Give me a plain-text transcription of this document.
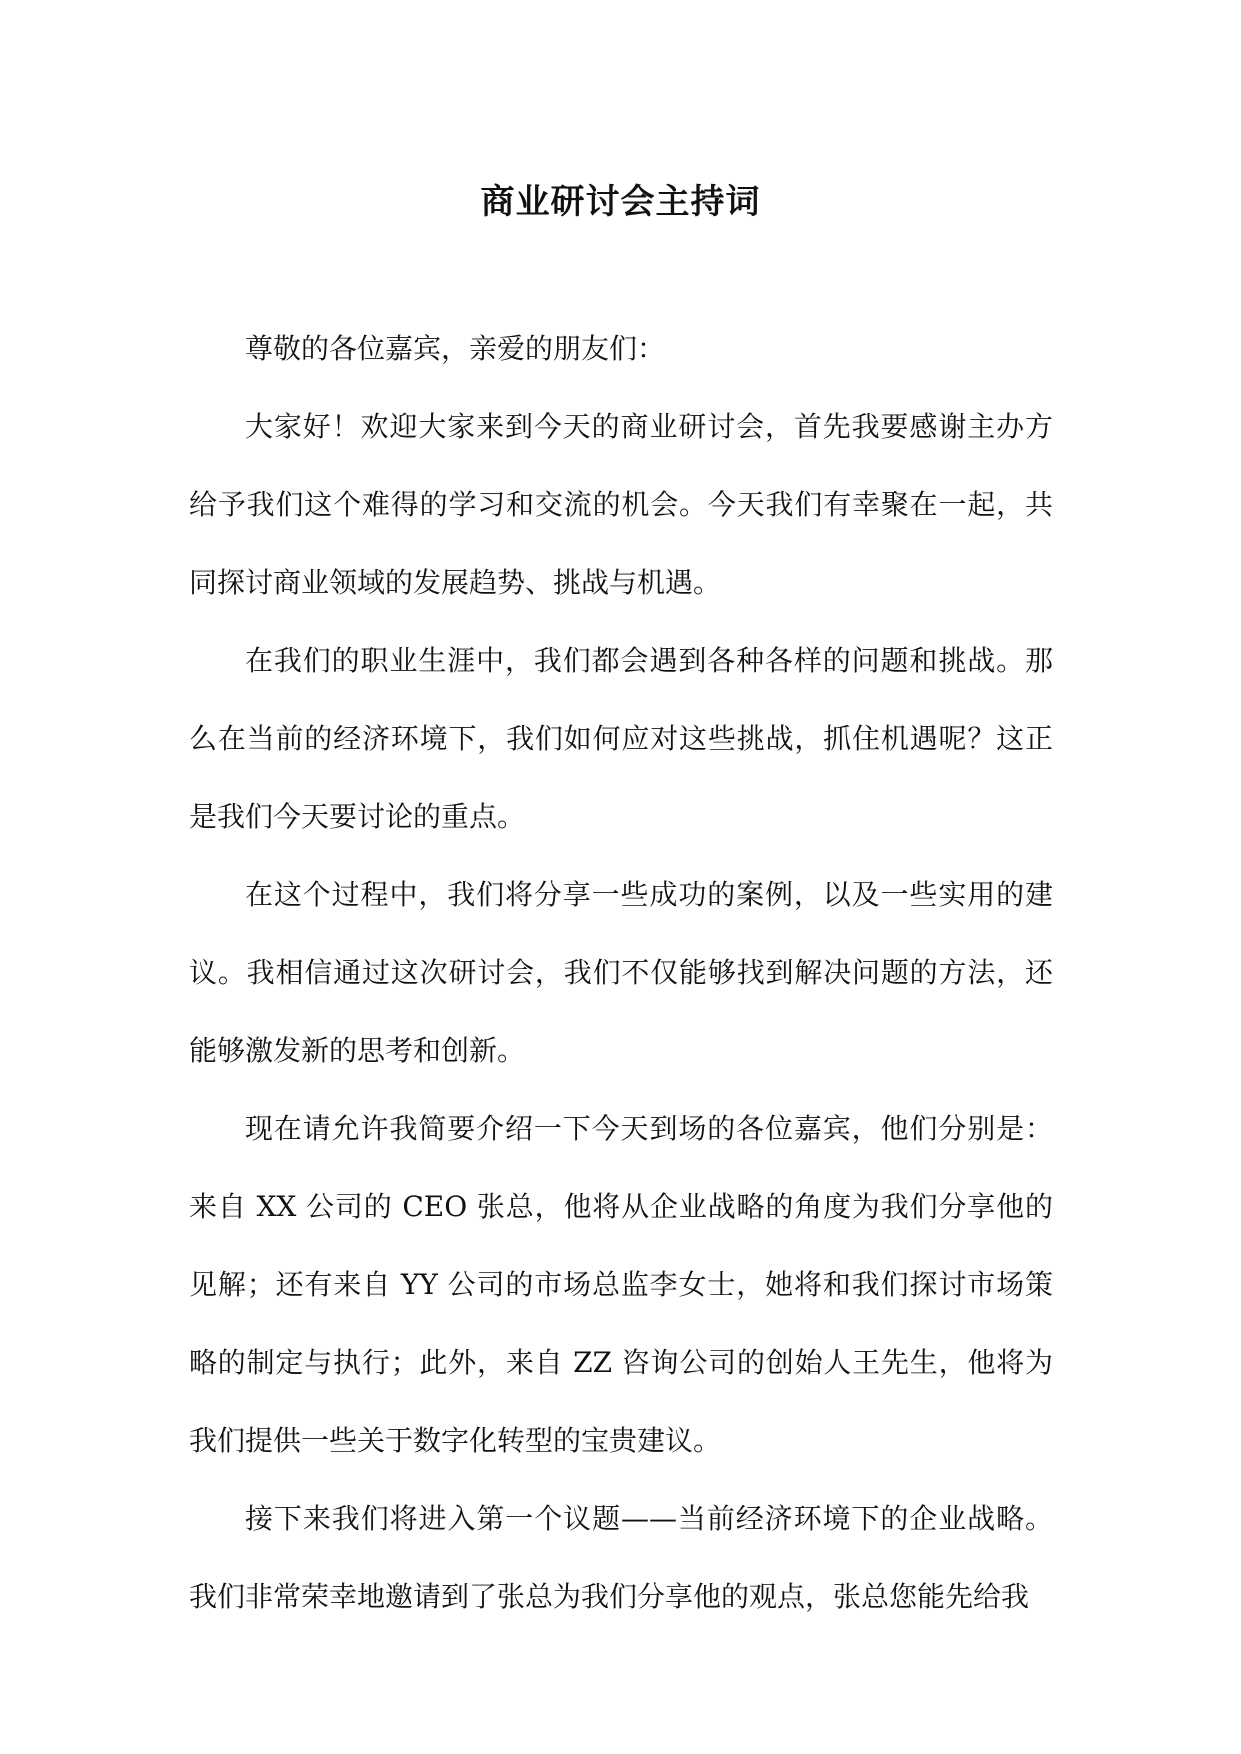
商业研讨会主持词

尊敬的各位嘉宾，亲爱的朋友们：

大家好！欢迎大家来到今天的商业研讨会，首先我要感谢主办方给予我们这个难得的学习和交流的机会。今天我们有幸聚在一起，共同探讨商业领域的发展趋势、挑战与机遇。

在我们的职业生涯中，我们都会遇到各种各样的问题和挑战。那么在当前的经济环境下，我们如何应对这些挑战，抓住机遇呢？这正是我们今天要讨论的重点。

在这个过程中，我们将分享一些成功的案例，以及一些实用的建议。我相信通过这次研讨会，我们不仅能够找到解决问题的方法，还能够激发新的思考和创新。

现在请允许我简要介绍一下今天到场的各位嘉宾，他们分别是：来自 XX 公司的 CEO 张总，他将从企业战略的角度为我们分享他的见解；还有来自 YY 公司的市场总监李女士，她将和我们探讨市场策略的制定与执行；此外，来自 ZZ 咨询公司的创始人王先生，他将为我们提供一些关于数字化转型的宝贵建议。

接下来我们将进入第一个议题——当前经济环境下的企业战略。我们非常荣幸地邀请到了张总为我们分享他的观点，张总您能先给我
